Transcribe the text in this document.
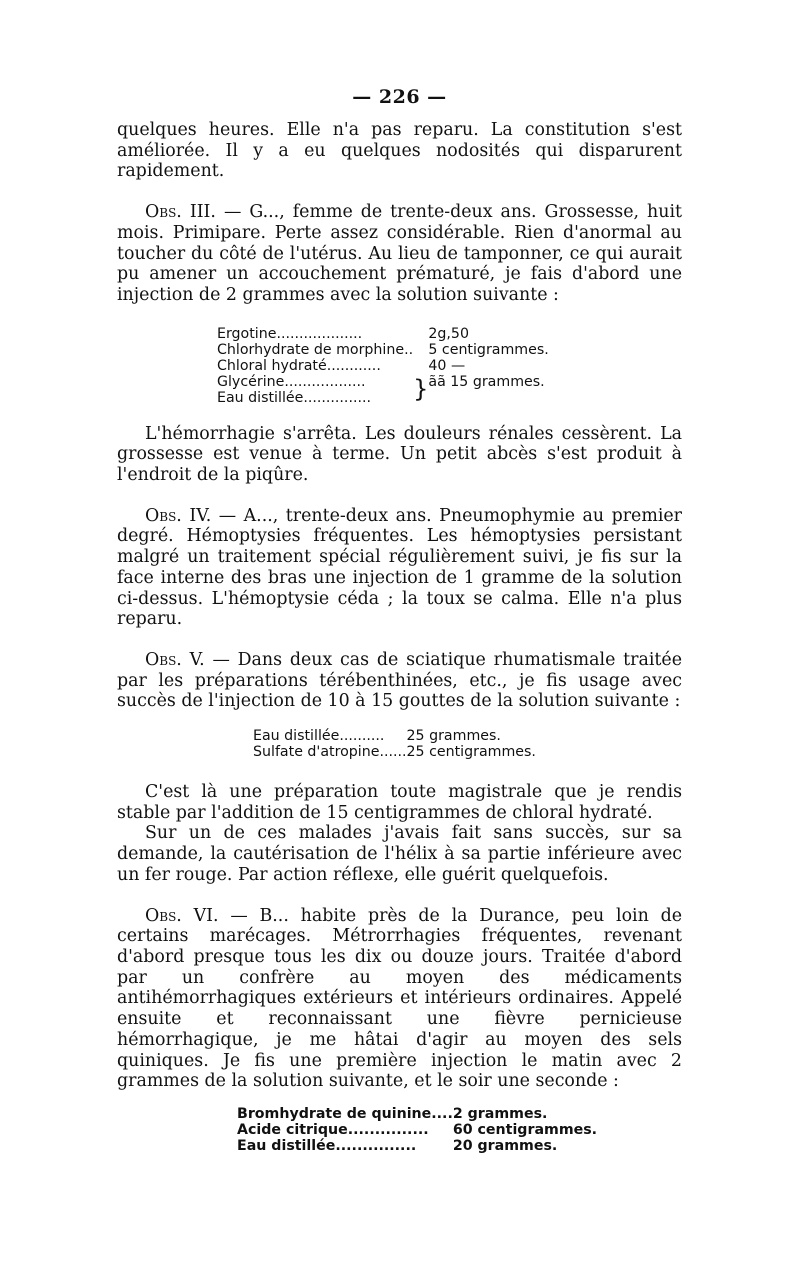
— 226 —

quelques heures. Elle n'a pas reparu. La constitution s'est améliorée. Il y a eu quelques nodosités qui disparurent rapidement.

Obs. III. — G..., femme de trente-deux ans. Grossesse, huit mois. Primipare. Perte assez considérable. Rien d'anormal au toucher du côté de l'utérus. Au lieu de tamponner, ce qui aurait pu amener un accouchement prématuré, je fais d'abord une injection de 2 grammes avec la solution suivante :

Ergotine...................		2g,50
Chlorhydrate de morphine..		5 centigrammes.
Chloral hydraté............		40 —
Glycérine..................	}	ãã 15 grammes.
Eau distillée...............		

L'hémorrhagie s'arrêta. Les douleurs rénales cessèrent. La grossesse est venue à terme. Un petit abcès s'est produit à l'endroit de la piqûre.

Obs. IV. — A..., trente-deux ans. Pneumophymie au premier degré. Hémoptysies fréquentes. Les hémoptysies persistant malgré un traitement spécial régulièrement suivi, je fis sur la face interne des bras une injection de 1 gramme de la solution ci-dessus. L'hémoptysie céda ; la toux se calma. Elle n'a plus reparu.

Obs. V. — Dans deux cas de sciatique rhumatismale traitée par les préparations térébenthinées, etc., je fis usage avec succès de l'injection de 10 à 15 gouttes de la solution suivante :

Eau distillée..........	25 grammes.
Sulfate d'atropine......	25 centigrammes.

C'est là une préparation toute magistrale que je rendis stable par l'addition de 15 centigrammes de chloral hydraté.

Sur un de ces malades j'avais fait sans succès, sur sa demande, la cautérisation de l'hélix à sa partie inférieure avec un fer rouge. Par action réflexe, elle guérit quelquefois.

Obs. VI. — B... habite près de la Durance, peu loin de certains marécages. Métrorrhagies fréquentes, revenant d'abord presque tous les dix ou douze jours. Traitée d'abord par un confrère au moyen des médicaments antihémorrhagiques extérieurs et intérieurs ordinaires. Appelé ensuite et reconnaissant une fièvre pernicieuse hémorrhagique, je me hâtai d'agir au moyen des sels quiniques. Je fis une première injection le matin avec 2 grammes de la solution suivante, et le soir une seconde :

Bromhydrate de quinine....	2 grammes.
Acide citrique...............	60 centigrammes.
Eau distillée...............	20 grammes.
